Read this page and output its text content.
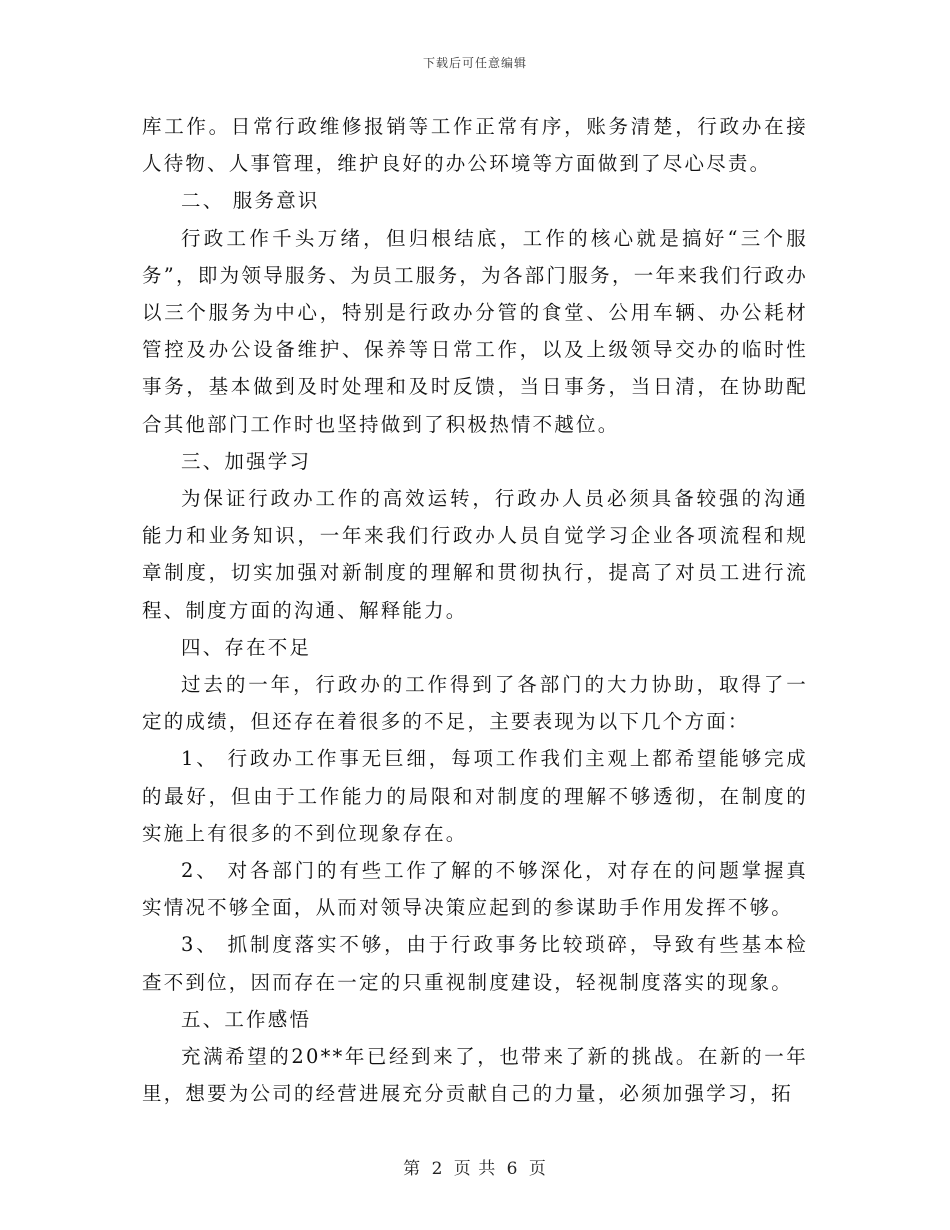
下载后可任意编辑

库工作。日常行政维修报销等工作正常有序，账务清楚，行政办在接人待物、人事管理，维护良好的办公环境等方面做到了尽心尽责。

二、 服务意识

行政工作千头万绪，但归根结底，工作的核心就是搞好“三个服务”，即为领导服务、为员工服务，为各部门服务，一年来我们行政办以三个服务为中心，特别是行政办分管的食堂、公用车辆、办公耗材管控及办公设备维护、保养等日常工作，以及上级领导交办的临时性事务，基本做到及时处理和及时反馈，当日事务，当日清，在协助配合其他部门工作时也坚持做到了积极热情不越位。

三、加强学习

为保证行政办工作的高效运转，行政办人员必须具备较强的沟通能力和业务知识，一年来我们行政办人员自觉学习企业各项流程和规章制度，切实加强对新制度的理解和贯彻执行，提高了对员工进行流程、制度方面的沟通、解释能力。

四、存在不足

过去的一年，行政办的工作得到了各部门的大力协助，取得了一定的成绩，但还存在着很多的不足，主要表现为以下几个方面：

1、 行政办工作事无巨细，每项工作我们主观上都希望能够完成的最好，但由于工作能力的局限和对制度的理解不够透彻，在制度的实施上有很多的不到位现象存在。

2、 对各部门的有些工作了解的不够深化，对存在的问题掌握真实情况不够全面，从而对领导决策应起到的参谋助手作用发挥不够。

3、 抓制度落实不够，由于行政事务比较琐碎，导致有些基本检查不到位，因而存在一定的只重视制度建设，轻视制度落实的现象。

五、工作感悟

充满希望的20**年已经到来了，也带来了新的挑战。在新的一年里，想要为公司的经营进展充分贡献自己的力量，必须加强学习，拓

第 2 页 共 6 页
